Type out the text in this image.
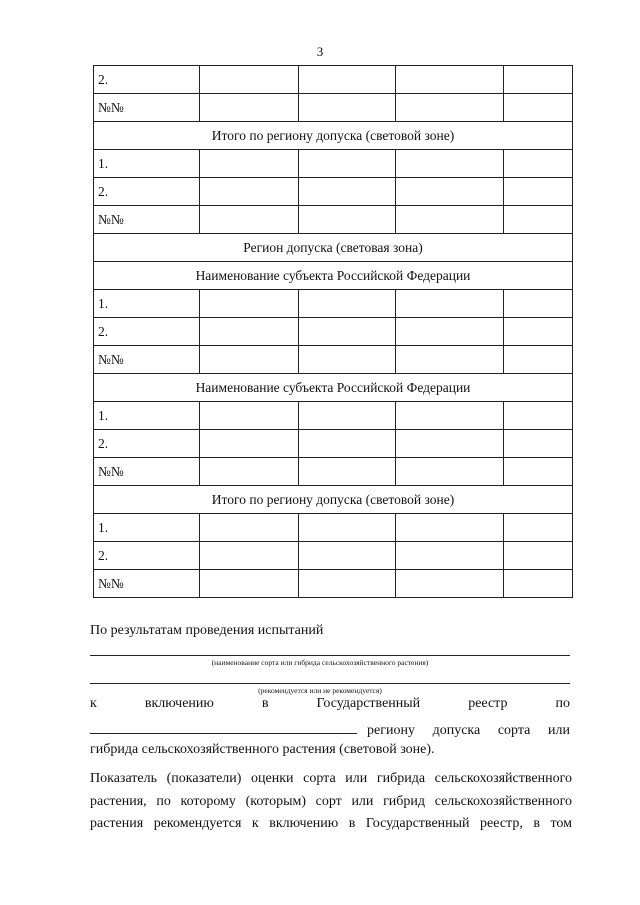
3
2.				
№№				
Итого по региону допуска (световой зоне)				
1.				
2.				
№№				
Регион допуска (световая зона)				
Наименование субъекта Российской Федерации				
1.				
2.				
№№				
Наименование субъекта Российской Федерации				
1.				
2.				
№№				
Итого по региону допуска (световой зоне)				
1.				
2.				
№№				
По результатам проведения испытаний
(наименование сорта или гибрида сельскохозяйственного растения)
(рекомендуется или не рекомендуется)
к	включению	в	Государственный	реестр	по
региону допуска сорта или
гибрида сельскохозяйственного растения (световой зоне).
Показатель (показатели) оценки сорта или гибрида сельскохозяйственного
растения, по которому (которым) сорт или гибрид сельскохозяйственного
растения рекомендуется к включению в Государственный реестр, в том
